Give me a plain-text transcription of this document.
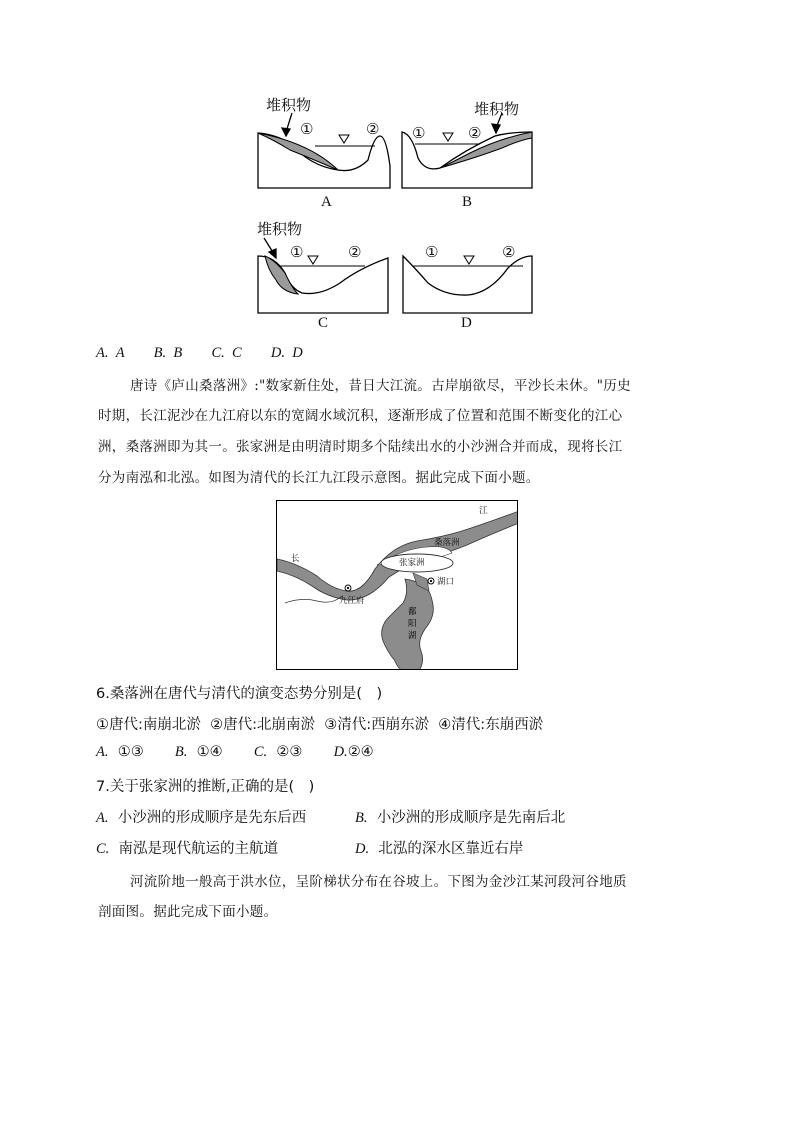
堆积物	堆积物
堆积物
①	② ①	②
①	②	①	②
A	B
C	D
A. A B. B C. C D. D
唐诗《庐山桑落洲》:"数家新住处，昔日大江流。古岸崩欲尽，平沙长未休。"历史
时期，长江泥沙在九江府以东的宽阔水域沉积，逐渐形成了位置和范围不断变化的江心
洲，桑落洲即为其一。张家洲是由明清时期多个陆续出水的小沙洲合并而成，现将长江
分为南泓和北泓。如图为清代的长江九江段示意图。据此完成下面小题。
江
长
桑落洲
张家洲
湖口
九江府
鄱
阳
湖
6.桑落洲在唐代与清代的演变态势分别是(　)
①唐代:南崩北淤  ②唐代:北崩南淤  ③清代:西崩东淤  ④清代:东崩西淤
A. ①③ B. ①④ C. ②③ D.②④
7.关于张家洲的推断,正确的是(　)
A. 小沙洲的形成顺序是先东后西	B. 小沙洲的形成顺序是先南后北
C. 南泓是现代航运的主航道	D. 北泓的深水区靠近右岸
河流阶地一般高于洪水位，呈阶梯状分布在谷坡上。下图为金沙江某河段河谷地质
剖面图。据此完成下面小题。
